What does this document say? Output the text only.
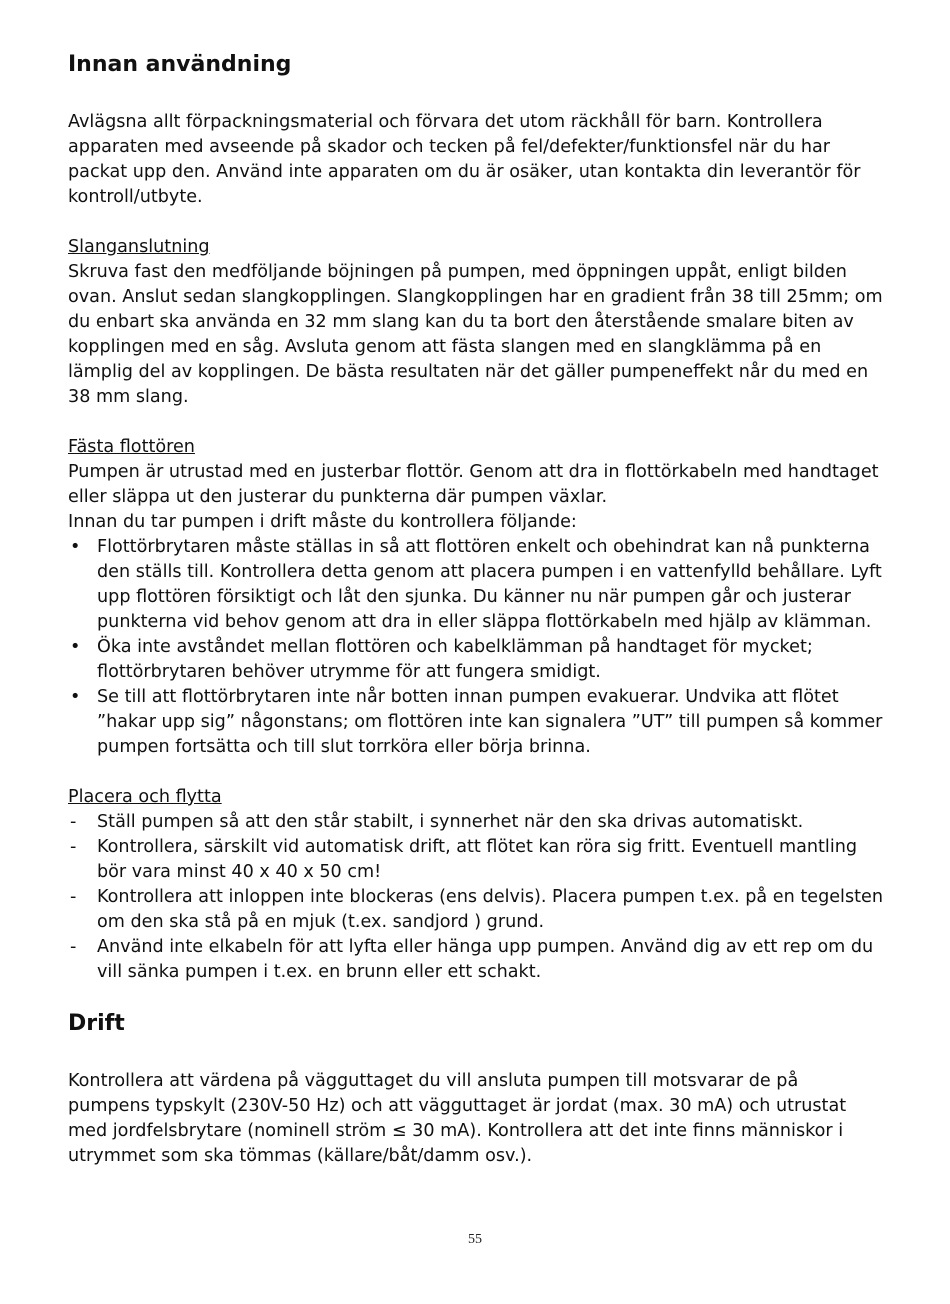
Innan användning

Avlägsna allt förpackningsmaterial och förvara det utom räckhåll för barn. Kontrollera apparaten med avseende på skador och tecken på fel/defekter/funktionsfel när du har packat upp den. Använd inte apparaten om du är osäker, utan kontakta din leverantör för kontroll/utbyte.

Slanganslutning

Skruva fast den medföljande böjningen på pumpen, med öppningen uppåt, enligt bilden ovan. Anslut sedan slangkopplingen. Slangkopplingen har en gradient från 38 till 25mm; om du enbart ska använda en 32 mm slang kan du ta bort den återstående smalare biten av kopplingen med en såg. Avsluta genom att fästa slangen med en slangklämma på en lämplig del av kopplingen. De bästa resultaten när det gäller pumpeneffekt når du med en 38 mm slang.

Fästa flottören

Pumpen är utrustad med en justerbar flottör. Genom att dra in flottörkabeln med handtaget eller släppa ut den justerar du punkterna där pumpen växlar.

Innan du tar pumpen i drift måste du kontrollera följande:

• Flottörbrytaren måste ställas in så att flottören enkelt och obehindrat kan nå punkterna den ställs till. Kontrollera detta genom att placera pumpen i en vattenfylld behållare. Lyft upp flottören försiktigt och låt den sjunka. Du känner nu när pumpen går och justerar punkterna vid behov genom att dra in eller släppa flottörkabeln med hjälp av klämman.
• Öka inte avståndet mellan flottören och kabelklämman på handtaget för mycket; flottörbrytaren behöver utrymme för att fungera smidigt.
• Se till att flottörbrytaren inte når botten innan pumpen evakuerar. Undvika att flötet ”hakar upp sig” någonstans; om flottören inte kan signalera ”UT” till pumpen så kommer pumpen fortsätta och till slut torrköra eller börja brinna.
Placera och flytta
- Ställ pumpen så att den står stabilt, i synnerhet när den ska drivas automatiskt.
- Kontrollera, särskilt vid automatisk drift, att flötet kan röra sig fritt. Eventuell mantling bör vara minst 40 x 40 x 50 cm!
- Kontrollera att inloppen inte blockeras (ens delvis). Placera pumpen t.ex. på en tegelsten om den ska stå på en mjuk (t.ex. sandjord ) grund.
- Använd inte elkabeln för att lyfta eller hänga upp pumpen. Använd dig av ett rep om du vill sänka pumpen i t.ex. en brunn eller ett schakt.
Drift

Kontrollera att värdena på vägguttaget du vill ansluta pumpen till motsvarar de på pumpens typskylt (230V-50 Hz) och att vägguttaget är jordat (max. 30 mA) och utrustat med jordfelsbrytare (nominell ström ≤ 30 mA). Kontrollera att det inte finns människor i utrymmet som ska tömmas (källare/båt/damm osv.).

55
